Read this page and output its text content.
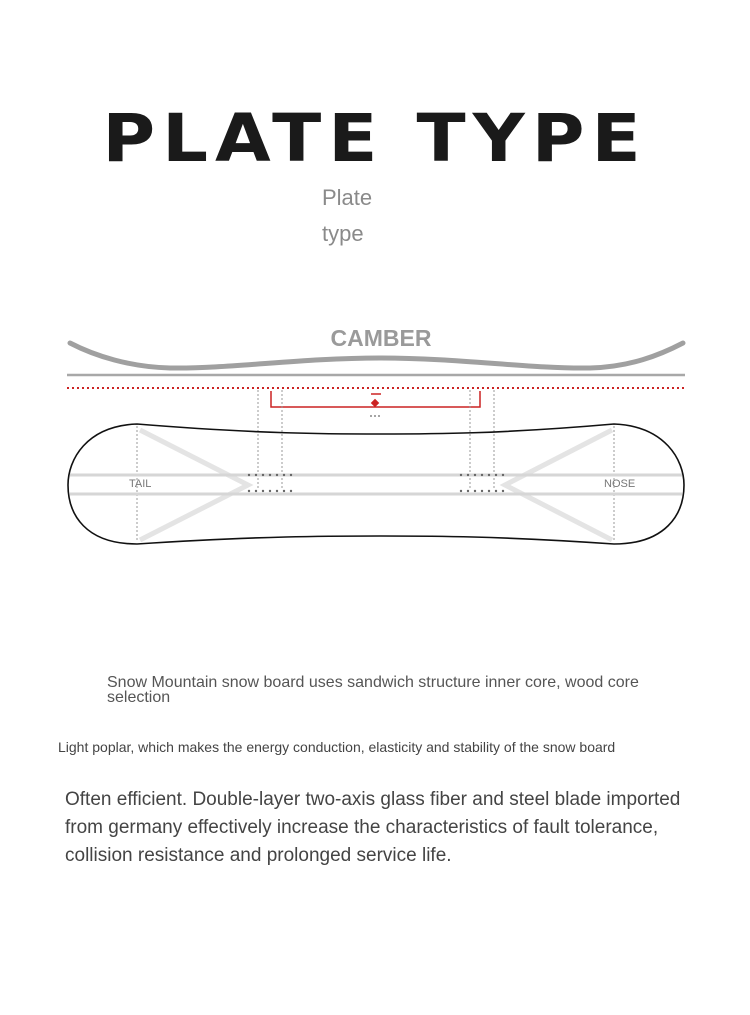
PLATE TYPE
Plate
type
CAMBER
TAIL	NOSE

Snow Mountain snow board uses sandwich structure inner core, wood core selection

Light poplar, which makes the energy conduction, elasticity and stability of the snow board

Often efficient. Double-layer two-axis glass fiber and steel blade imported from germany effectively increase the characteristics of fault tolerance, collision resistance and prolonged service life.
